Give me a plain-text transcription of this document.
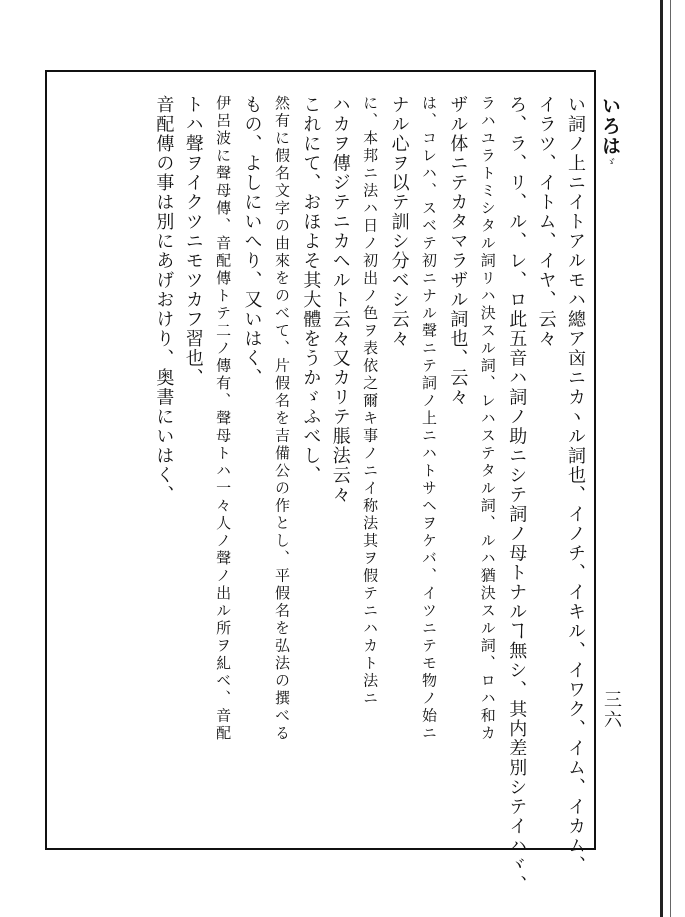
いろはゞ
三六
い詞ノ上ニイトアルモハ總ア㐫ニカヽル詞也、イノチ、イキル、イワク、イム、イカム、
イラツ、イトム、イヤ、云々
ろ、ラ、リ、ル、レ、ロ此五音ハ詞ノ助ニシテ詞ノ母トナルヿ無シ、其内差別シテイハヾ、
ラハユラトミシタル詞リハ決スル詞、レハステタル詞、ルハ猶決スル詞、ロハ和カ
ザル体ニテカタマラザル詞也、云々
は、コレハ、スベテ初ニナル聲ニテ詞ノ上ニハトサヘヲケバ、イツニテモ物ノ始ニ
ナル心ヲ以テ訓シ分ベシ云々
に、本邦ニ法ハ日ノ初出ノ色ヲ表依之爾キ事ノニイ称法其ヲ假テニハカト法ニ
ハカヲ傳ジテニカヘルト云々又カリテ脹法云々
これにて、おほよそ其大體をうかゞふべし、
然有に假名文字の由來をのべて、片假名を吉備公の作とし、平假名を弘法の撰べる
もの、よしにいへり、又いはく、
伊呂波に聲母傳、音配傳トテ二ノ傳有、聲母トハ一々人ノ聲ノ出ル所ヲ糺ベ、音配
トハ聲ヲイクツニモツカフ習也、
音配傳の事は別にあげおけり、奥書にいはく、
